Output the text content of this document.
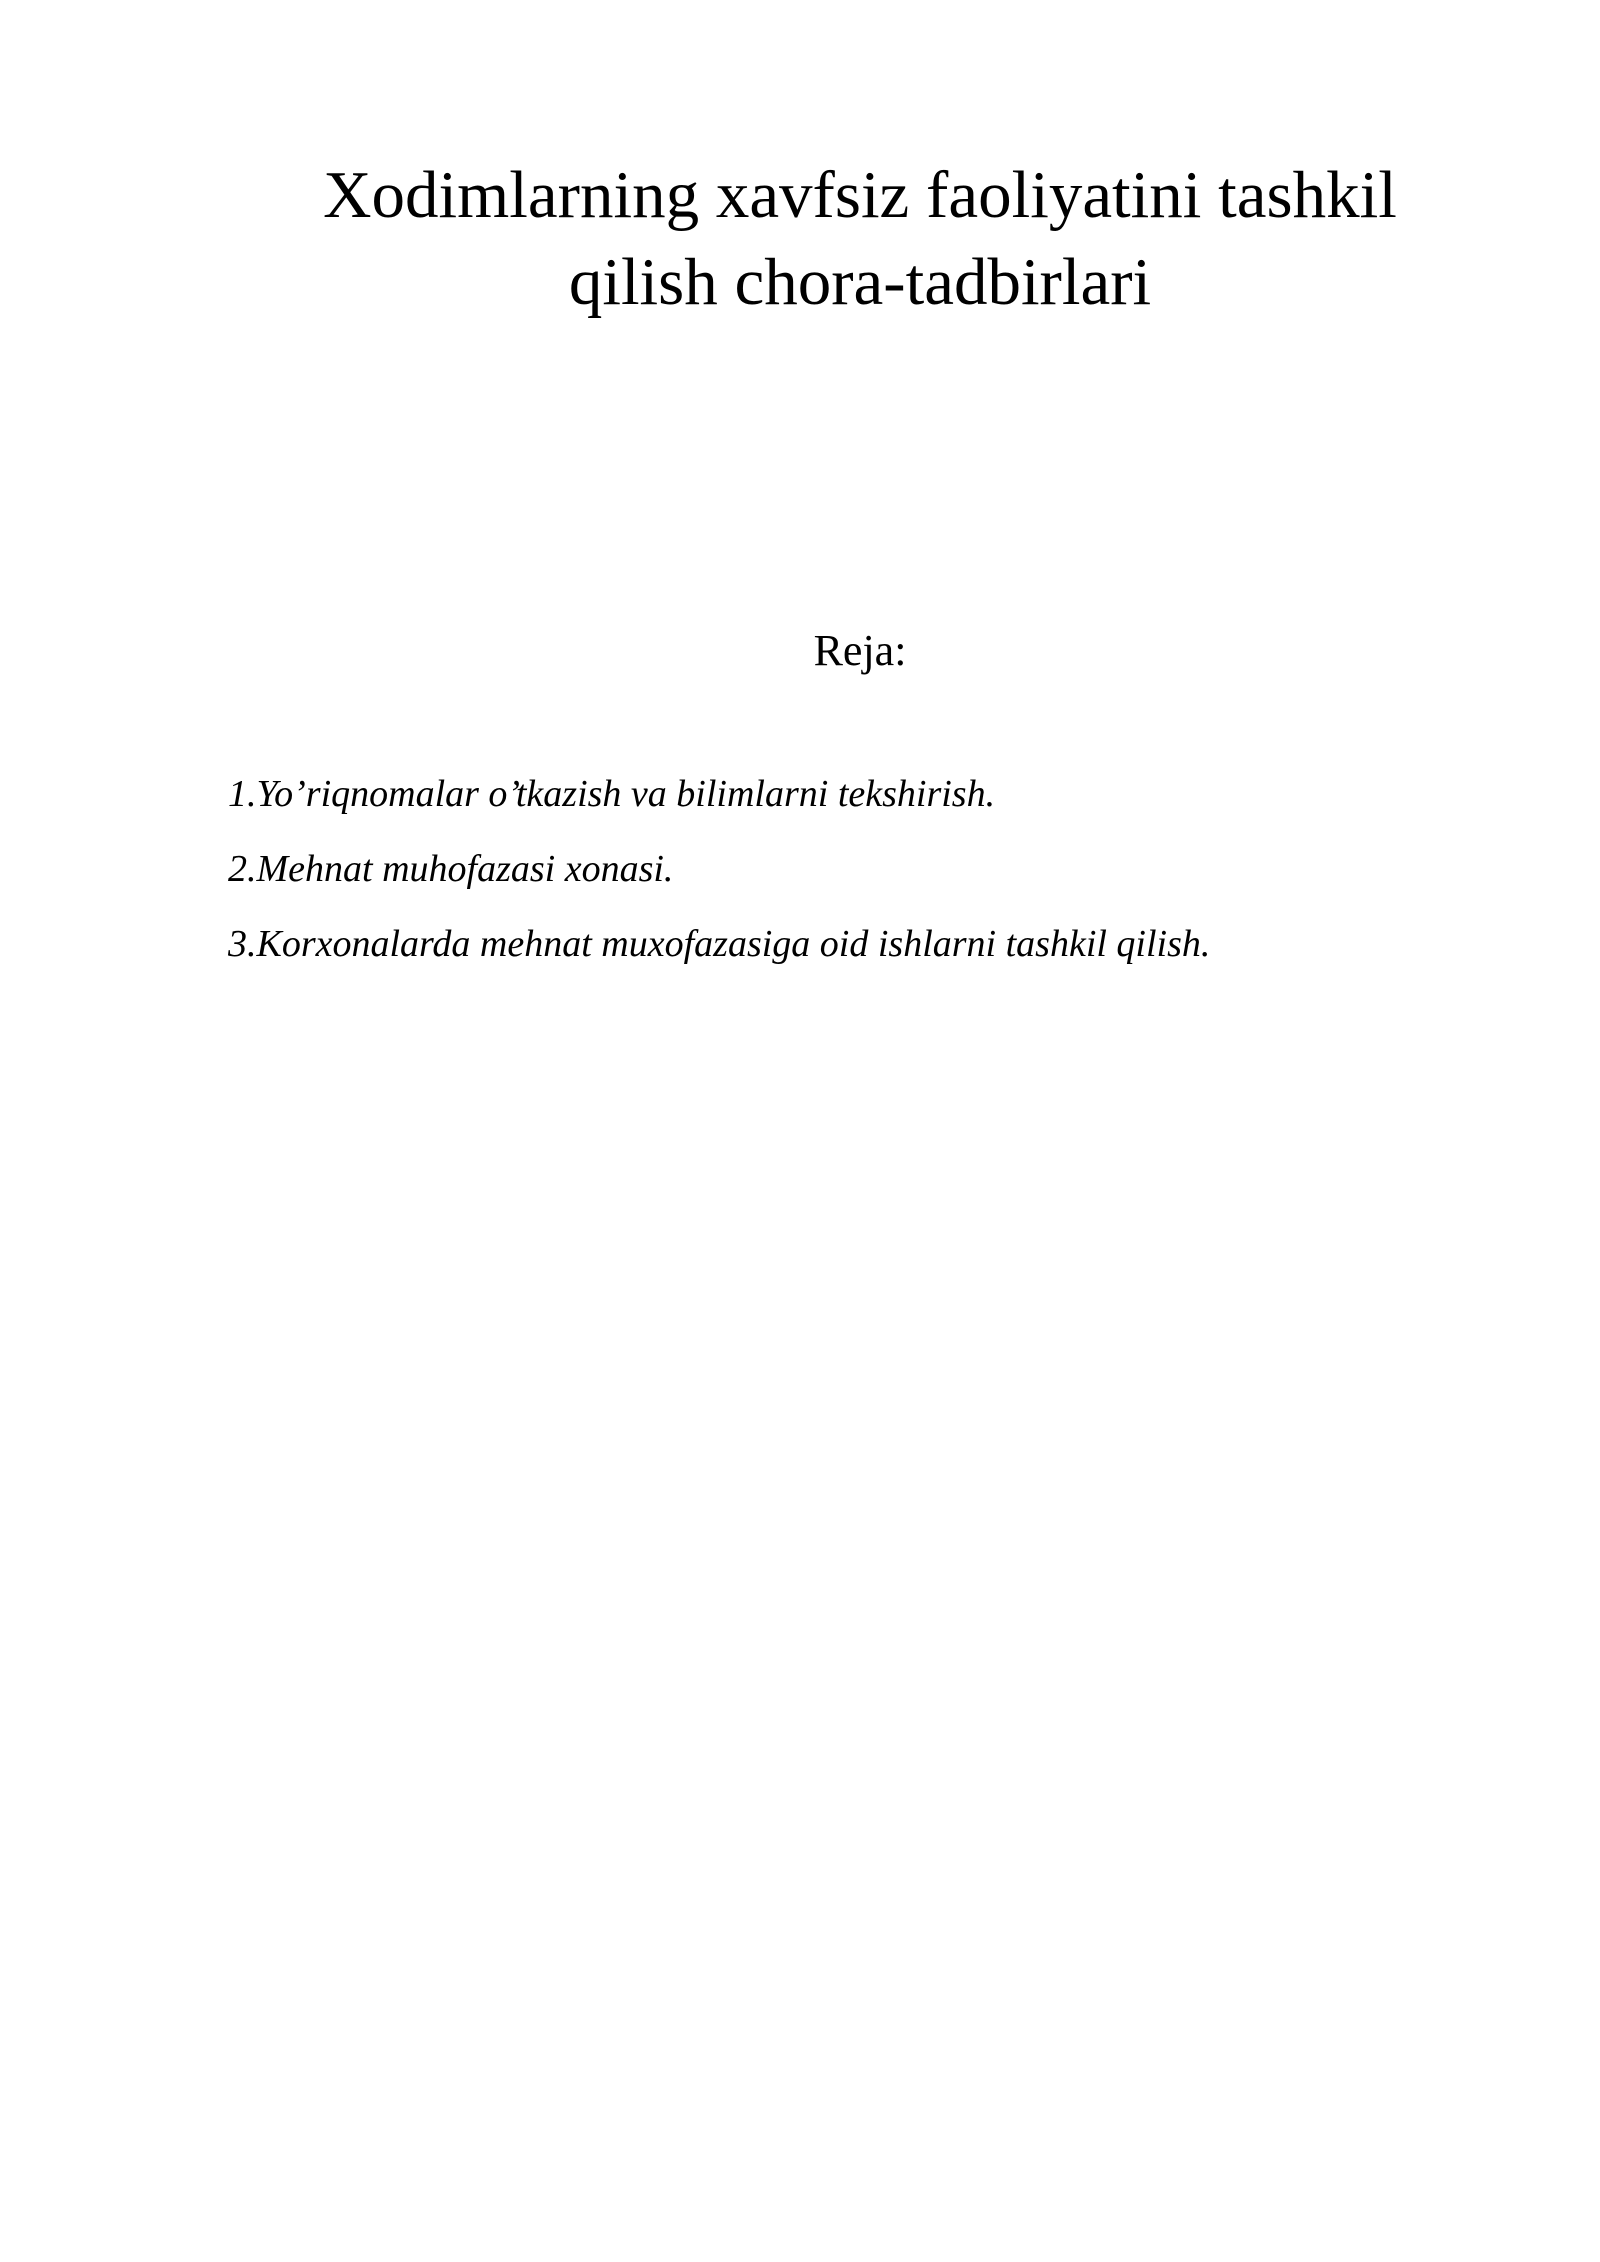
Xodimlarning xavfsiz faoliyatini tashkil
qilish chora-tadbirlari
Reja:
1.Yo’riqnomalar o’tkazish va bilimlarni tekshirish.
2.Mehnat muhofazasi xonasi.
3.Korxonalarda mehnat muxofazasiga oid ishlarni tashkil qilish.
